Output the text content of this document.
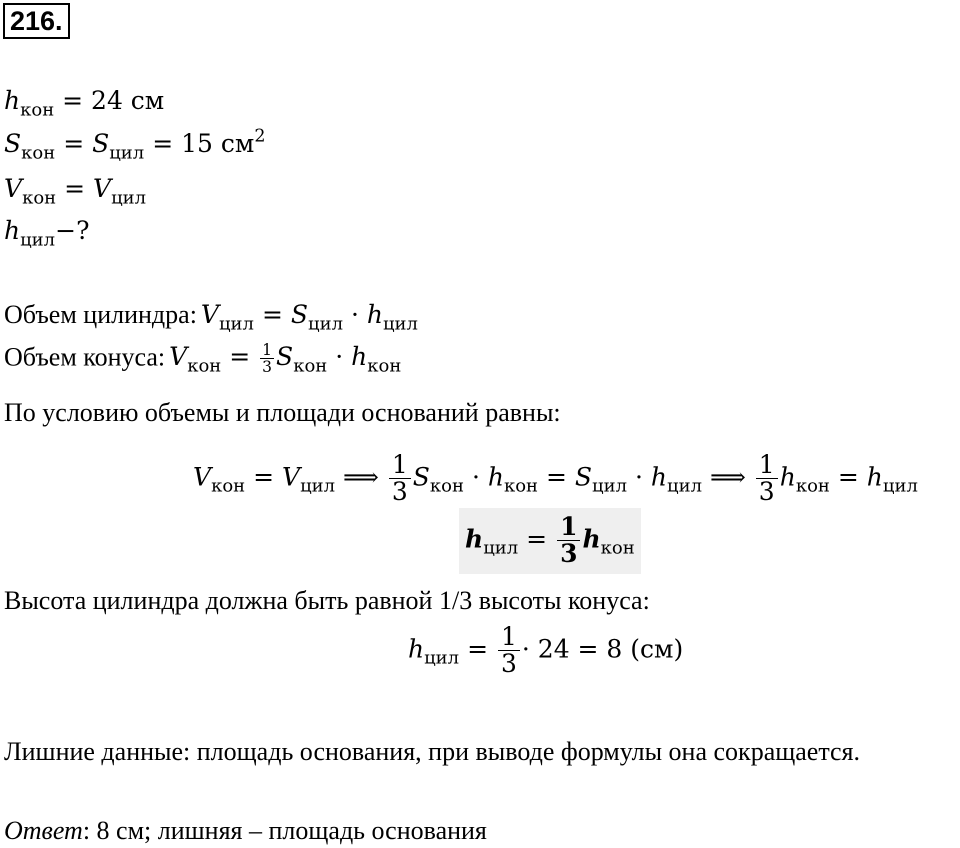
216.
$h_{кон} = 24$ см
$S_{кон} = S_{цил} = 15$ $см^2$
$V_{кон} = V_{цил}$
$h_{цил}-$?
Объем цилиндра: $V_{цил} = S_{цил} \cdot h_{цил}$
Объем конуса: $V_{кон} = \frac{1}{3} S_{кон} \cdot h_{кон}$
По условию объемы и площади оснований равны:
$V_{кон} = V_{цил}$ ⟹ $\frac{1}{3} S_{кон} \cdot h_{кон} = S_{цил} \cdot h_{цил}$ ⟹ $\frac{1}{3} h_{кон} = h_{цил}$
$h_{цил} = \frac{1}{3} h_{кон}$
Высота цилиндра должна быть равной 1/3 высоты конуса:
$h_{цил} = \frac{1}{3} \cdot 24 = 8$ (см)
Лишние данные: площадь основания, при выводе формулы она сокращается.
Ответ: 8 см; лишняя – площадь основания
